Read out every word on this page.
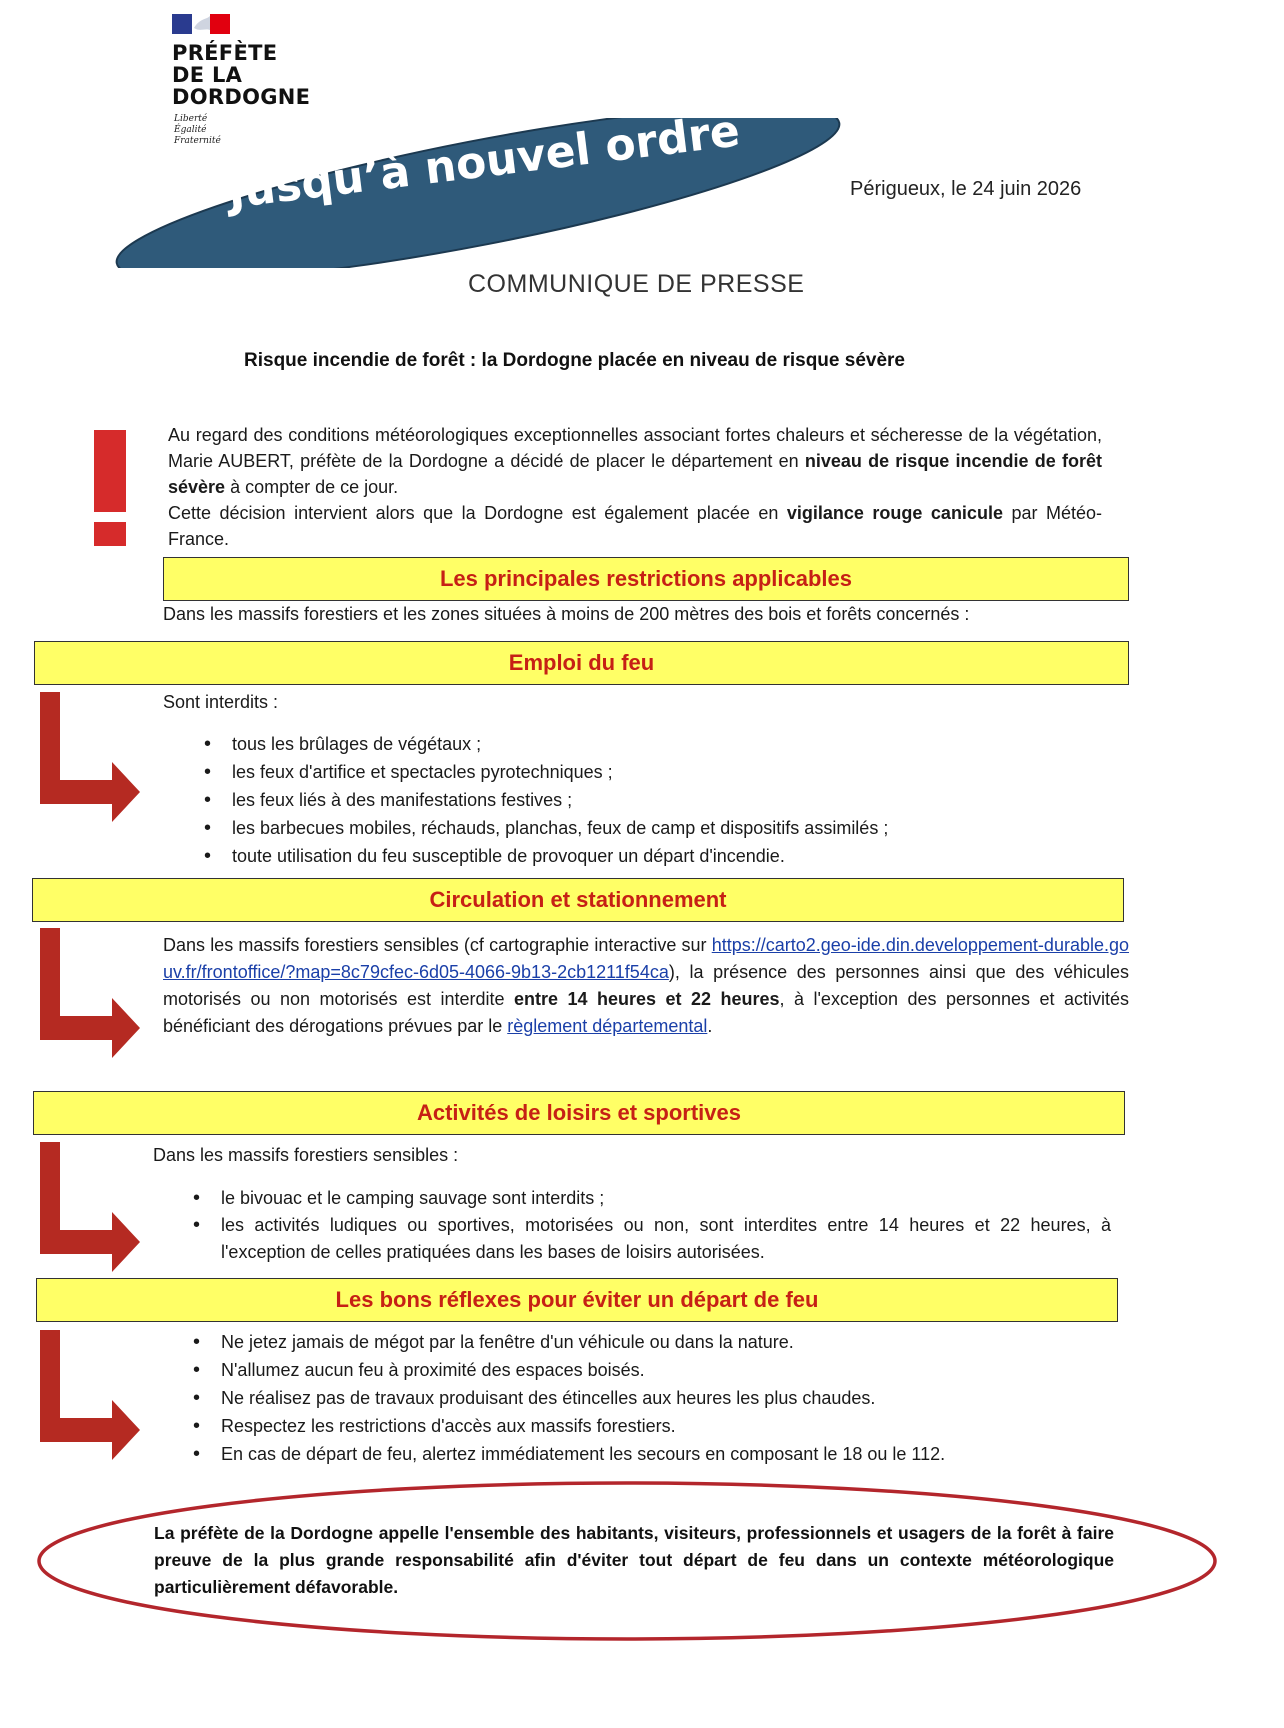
PRÉFÈTE
DE LA
DORDOGNE
Liberté
Égalité
Fraternité Jusqu’à nouvel ordre	Périgueux, le 24 juin 2026
COMMUNIQUE DE PRESSE
Risque incendie de forêt : la Dordogne placée en niveau de risque sévère
Au regard des conditions météorologiques exceptionnelles associant fortes chaleurs et sécheresse de la végétation, Marie AUBERT, préfète de la Dordogne a décidé de placer le département en niveau de risque incendie de forêt sévère à compter de ce jour.
Cette décision intervient alors que la Dordogne est également placée en vigilance rouge canicule par Météo-France.
Les principales restrictions applicables
Dans les massifs forestiers et les zones situées à moins de 200 mètres des bois et forêts concernés :
Emploi du feu
Sont interdits :
• tous les brûlages de végétaux ;
• les feux d'artifice et spectacles pyrotechniques ;
• les feux liés à des manifestations festives ;
• les barbecues mobiles, réchauds, planchas, feux de camp et dispositifs assimilés ;
• toute utilisation du feu susceptible de provoquer un départ d'incendie.
Circulation et stationnement
Dans les massifs forestiers sensibles (cf cartographie interactive sur https://carto2.geo-ide.din.developpement-durable.gouv.fr/frontoffice/?map=8c79cfec-6d05-4066-9b13-2cb1211f54ca), la présence des personnes ainsi que des véhicules motorisés ou non motorisés est interdite entre 14 heures et 22 heures, à l'exception des personnes et activités bénéficiant des dérogations prévues par le règlement départemental.
Activités de loisirs et sportives
Dans les massifs forestiers sensibles :
• le bivouac et le camping sauvage sont interdits ;
• les activités ludiques ou sportives, motorisées ou non, sont interdites entre 14 heures et 22 heures, à l'exception de celles pratiquées dans les bases de loisirs autorisées.
Les bons réflexes pour éviter un départ de feu
• Ne jetez jamais de mégot par la fenêtre d'un véhicule ou dans la nature.
• N'allumez aucun feu à proximité des espaces boisés.
• Ne réalisez pas de travaux produisant des étincelles aux heures les plus chaudes.
• Respectez les restrictions d'accès aux massifs forestiers.
• En cas de départ de feu, alertez immédiatement les secours en composant le 18 ou le 112.
La préfète de la Dordogne appelle l'ensemble des habitants, visiteurs, professionnels et usagers de la forêt à faire preuve de la plus grande responsabilité afin d'éviter tout départ de feu dans un contexte météorologique particulièrement défavorable.
